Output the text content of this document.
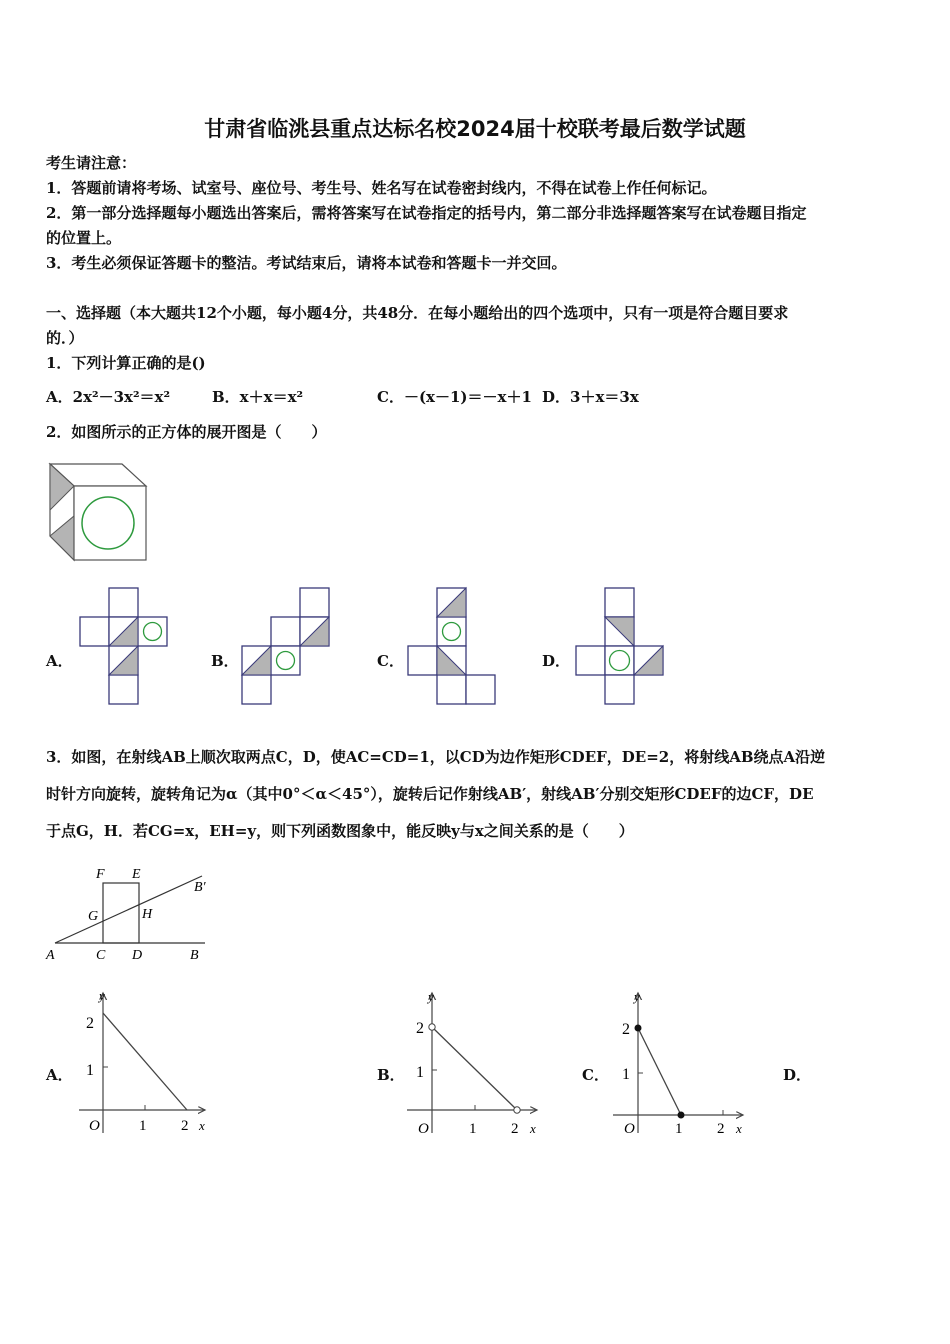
甘肃省临洮县重点达标名校2024届十校联考最后数学试题
考生请注意：
1．答题前请将考场、试室号、座位号、考生号、姓名写在试卷密封线内，不得在试卷上作任何标记。
2．第一部分选择题每小题选出答案后，需将答案写在试卷指定的括号内，第二部分非选择题答案写在试卷题目指定
的位置上。
3．考生必须保证答题卡的整洁。考试结束后，请将本试卷和答题卡一并交回。
一、选择题（本大题共12个小题，每小题4分，共48分．在每小题给出的四个选项中，只有一项是符合题目要求
的．）
1．下列计算正确的是()
A．2x²－3x²＝x²	B．x＋x＝x²	C．－(x－1)＝－x＋1 D．3＋x＝3x
2．如图所示的正方体的展开图是（　　）
A．	B．	C．	D．
3．如图，在射线AB上顺次取两点C，D，使AC=CD=1，以CD为边作矩形CDEF，DE=2，将射线AB绕点A沿逆
时针方向旋转，旋转角记为α（其中0°＜α＜45°），旋转后记作射线AB′，射线AB′分别交矩形CDEF的边CF，DE
于点G，H．若CG=x，EH=y，则下列函数图象中，能反映y与x之间关系的是（　　）
F E
B′
G	H
A	C D	B
A．
y
2
1
O	1 2 x
B．
y
2
1
O	1 2 x
C．
y
2
1
O	1 2 x
D．
